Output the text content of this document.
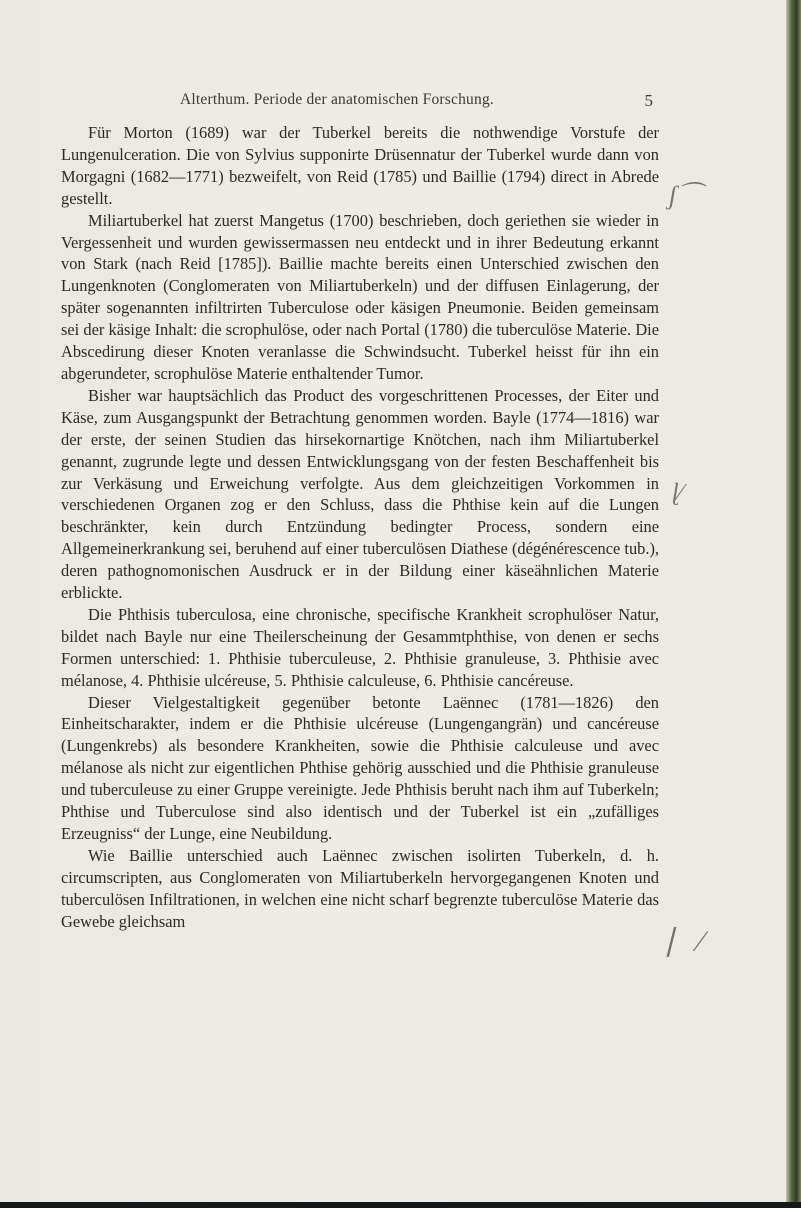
Alterthum. Periode der anatomischen Forschung.	5

Für Morton (1689) war der Tuberkel bereits die nothwendige Vorstufe der Lungenulceration. Die von Sylvius supponirte Drüsennatur der Tuberkel wurde dann von Morgagni (1682—1771) bezweifelt, von Reid (1785) und Baillie (1794) direct in Abrede gestellt.

Miliartuberkel hat zuerst Mangetus (1700) beschrieben, doch geriethen sie wieder in Vergessenheit und wurden gewissermassen neu entdeckt und in ihrer Bedeutung erkannt von Stark (nach Reid [1785]). Baillie machte bereits einen Unterschied zwischen den Lungenknoten (Conglomeraten von Miliartuberkeln) und der diffusen Einlagerung, der später sogenannten infiltrirten Tuberculose oder käsigen Pneumonie. Beiden gemeinsam sei der käsige Inhalt: die scrophulöse, oder nach Portal (1780) die tuberculöse Materie. Die Abscedirung dieser Knoten veranlasse die Schwindsucht. Tuberkel heisst für ihn ein abgerundeter, scrophulöse Materie enthaltender Tumor.

Bisher war hauptsächlich das Product des vorgeschrittenen Processes, der Eiter und Käse, zum Ausgangspunkt der Betrachtung genommen worden. Bayle (1774—1816) war der erste, der seinen Studien das hirsekornartige Knötchen, nach ihm Miliartuberkel genannt, zugrunde legte und dessen Entwicklungsgang von der festen Beschaffenheit bis zur Verkäsung und Erweichung verfolgte. Aus dem gleichzeitigen Vorkommen in verschiedenen Organen zog er den Schluss, dass die Phthise kein auf die Lungen beschränkter, kein durch Entzündung bedingter Process, sondern eine Allgemeinerkrankung sei, beruhend auf einer tuberculösen Diathese (dégénérescence tub.), deren pathognomonischen Ausdruck er in der Bildung einer käseähnlichen Materie erblickte.

Die Phthisis tuberculosa, eine chronische, specifische Krankheit scrophulöser Natur, bildet nach Bayle nur eine Theilerscheinung der Gesammtphthise, von denen er sechs Formen unterschied: 1. Phthisie tuberculeuse, 2. Phthisie granuleuse, 3. Phthisie avec mélanose, 4. Phthisie ulcéreuse, 5. Phthisie calculeuse, 6. Phthisie cancéreuse.

Dieser Vielgestaltigkeit gegenüber betonte Laënnec (1781—1826) den Einheitscharakter, indem er die Phthisie ulcéreuse (Lungengangrän) und cancéreuse (Lungenkrebs) als besondere Krankheiten, sowie die Phthisie calculeuse und avec mélanose als nicht zur eigentlichen Phthise gehörig ausschied und die Phthisie granuleuse und tuberculeuse zu einer Gruppe vereinigte. Jede Phthisis beruht nach ihm auf Tuberkeln; Phthise und Tuberculose sind also identisch und der Tuberkel ist ein „zufälliges Erzeugniss“ der Lunge, eine Neubildung.

Wie Baillie unterschied auch Laënnec zwischen isolirten Tuberkeln, d. h. circumscripten, aus Conglomeraten von Miliartuberkeln hervorgegangenen Knoten und tuberculösen Infiltrationen, in welchen eine nicht scharf begrenzte tuberculöse Materie das Gewebe gleichsam

ʃ⌒
ɭ⁄
⎸⁄
